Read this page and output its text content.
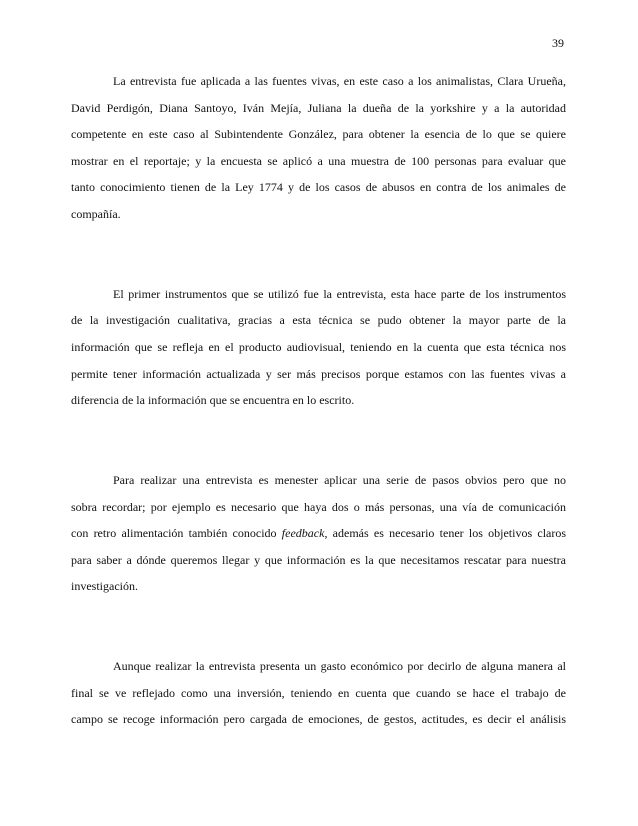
39
La entrevista fue aplicada a las fuentes vivas, en este caso a los animalistas, Clara Urueña,
David Perdigón, Diana Santoyo, Iván Mejía, Juliana la dueña de la yorkshire y a la autoridad
competente en este caso al Subintendente González, para obtener la esencia de lo que se quiere
mostrar en el reportaje; y la encuesta se aplicó a una muestra de 100 personas para evaluar que
tanto conocimiento tienen de la Ley 1774 y de los casos de abusos en contra de los animales de
compañía.
El primer instrumentos que se utilizó fue la entrevista, esta hace parte de los instrumentos
de la investigación cualitativa, gracias a esta técnica se pudo obtener la mayor parte de la
información que se refleja en el producto audiovisual, teniendo en la cuenta que esta técnica nos
permite tener información actualizada y ser más precisos porque estamos con las fuentes vivas a
diferencia de la información que se encuentra en lo escrito.
Para realizar una entrevista es menester aplicar una serie de pasos obvios pero que no
sobra recordar; por ejemplo es necesario que haya dos o más personas, una vía de comunicación
con retro alimentación también conocido feedback, además es necesario tener los objetivos claros
para saber a dónde queremos llegar y que información es la que necesitamos rescatar para nuestra
investigación.
Aunque realizar la entrevista presenta un gasto económico por decirlo de alguna manera al
final se ve reflejado como una inversión, teniendo en cuenta que cuando se hace el trabajo de
campo se recoge información pero cargada de emociones, de gestos, actitudes, es decir el análisis
